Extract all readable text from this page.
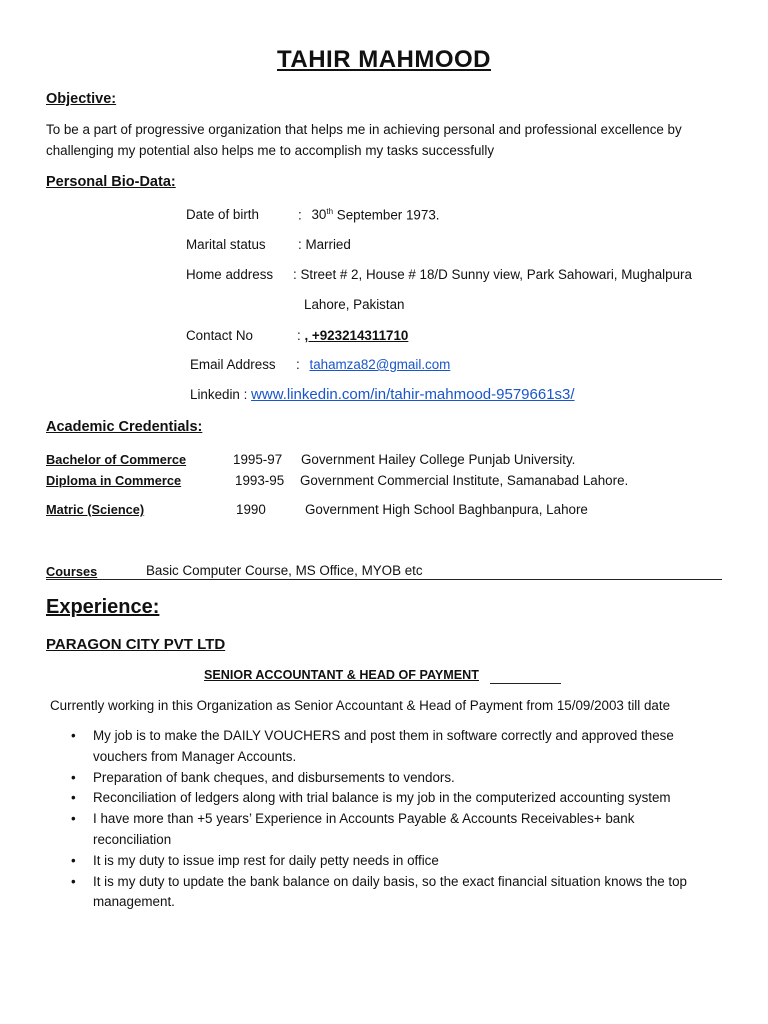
TAHIR MAHMOOD
Objective:
To be a part of progressive organization that helps me in achieving personal and professional excellence by
challenging my potential also helps me to accomplish my tasks successfully
Personal Bio-Data:
Date of birth	: 30th September 1973.
Marital status : Married
Home address : Street # 2, House # 18/D Sunny view, Park Sahowari, Mughalpura
Lahore, Pakistan
Contact No	: , +923214311710
Email Address : tahamza82@gmail.com
Linkedin : www.linkedin.com/in/tahir-mahmood-9579661s3/
Academic Credentials:
Bachelor of Commerce	1995-97 Government Hailey College Punjab University.
Diploma in Commerce	1993-95 Government Commercial Institute, Samanabad Lahore.
Matric (Science)	1990	Government High School Baghbanpura, Lahore
Courses	Basic Computer Course, MS Office, MYOB etc
Experience:
PARAGON CITY PVT LTD
SENIOR ACCOUNTANT & HEAD OF PAYMENT
Currently working in this Organization as Senior Accountant & Head of Payment from 15/09/2003 till date
• My job is to make the DAILY VOUCHERS and post them in software correctly and approved these vouchers from Manager Accounts.
• Preparation of bank cheques, and disbursements to vendors.
• Reconciliation of ledgers along with trial balance is my job in the computerized accounting system
• I have more than +5 years’ Experience in Accounts Payable & Accounts Receivables+ bank reconciliation
• It is my duty to issue imp rest for daily petty needs in office
• It is my duty to update the bank balance on daily basis, so the exact financial situation knows the top management.
